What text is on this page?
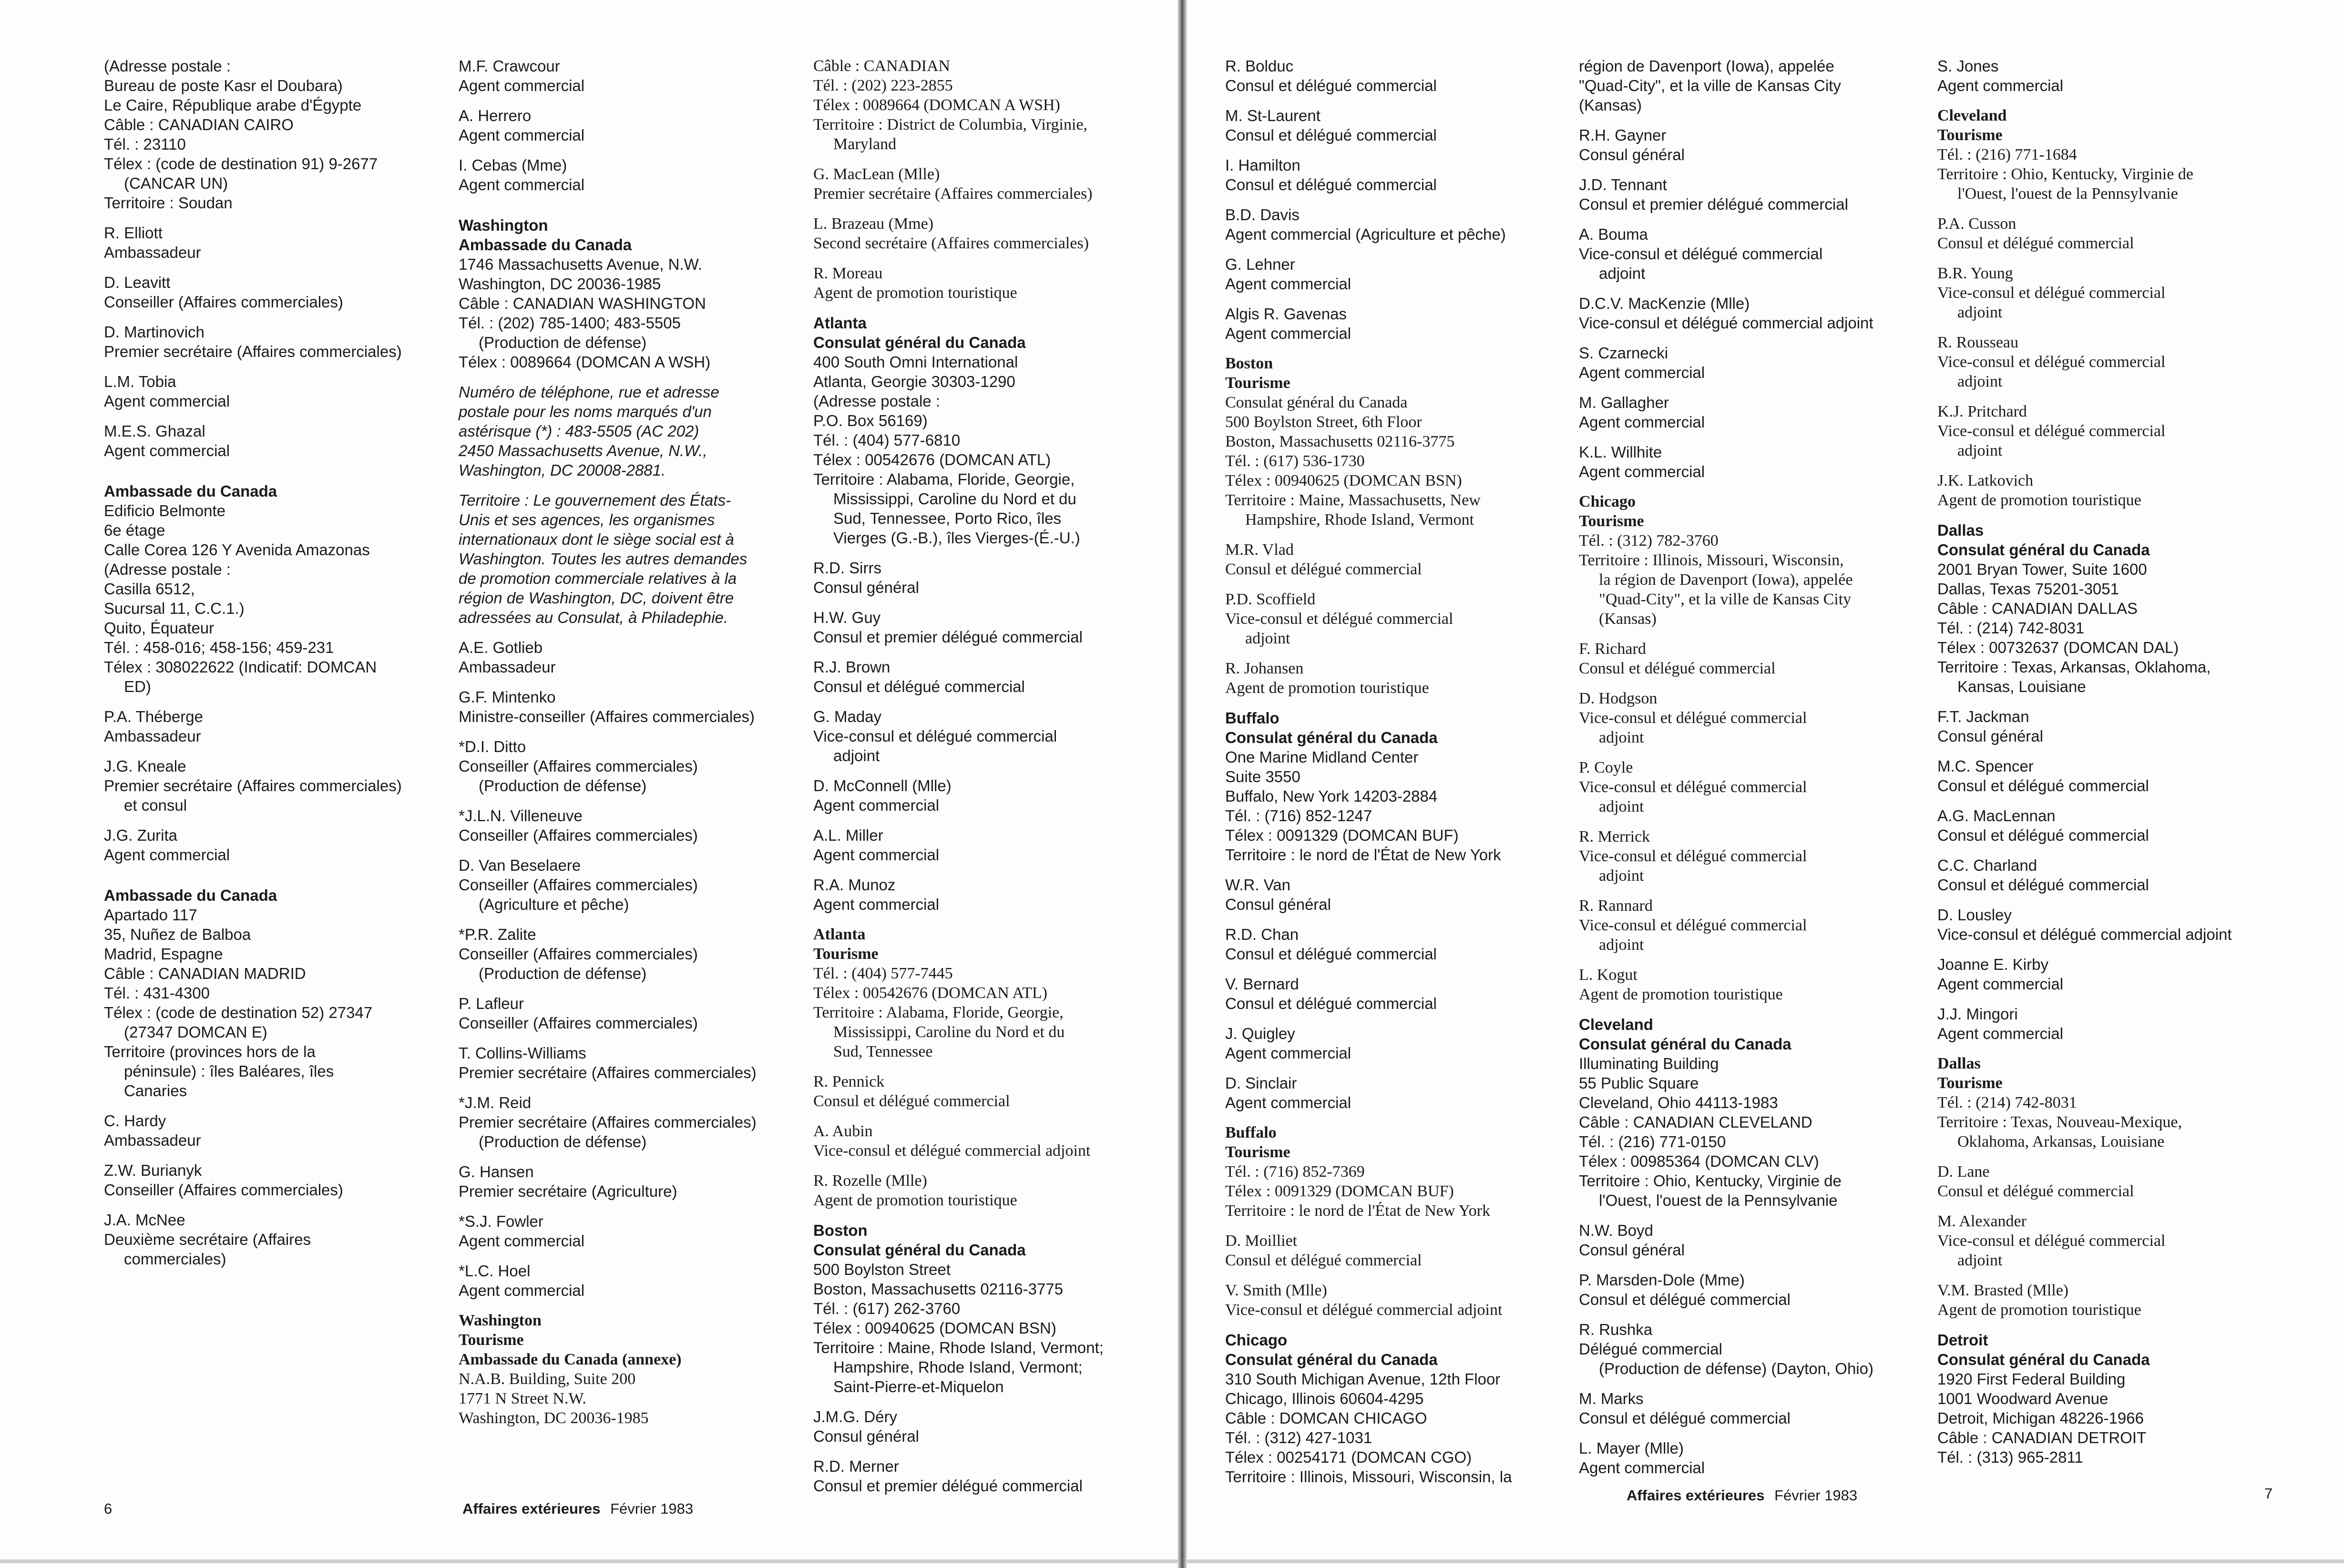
(Adresse postale :
Bureau de poste Kasr el Doubara)
Le Caire, République arabe d'Égypte
Câble : CANADIAN CAIRO
Tél. : 23110
Télex : (code de destination 91) 9-2677
(CANCAR UN)
Territoire : Soudan
R. Elliott
Ambassadeur
D. Leavitt
Conseiller (Affaires commerciales)
D. Martinovich
Premier secrétaire (Affaires commerciales)
L.M. Tobia
Agent commercial
M.E.S. Ghazal
Agent commercial
Ambassade du Canada
Edificio Belmonte
6e étage
Calle Corea 126 Y Avenida Amazonas
(Adresse postale :
Casilla 6512,
Sucursal 11, C.C.1.)
Quito, Équateur
Tél. : 458-016; 458-156; 459-231
Télex : 308022622 (Indicatif: DOMCAN
ED)
P.A. Théberge
Ambassadeur
J.G. Kneale
Premier secrétaire (Affaires commerciales)
et consul
J.G. Zurita
Agent commercial
Ambassade du Canada
Apartado 117
35, Nuñez de Balboa
Madrid, Espagne
Câble : CANADIAN MADRID
Tél. : 431-4300
Télex : (code de destination 52) 27347
(27347 DOMCAN E)
Territoire (provinces hors de la
péninsule) : îles Baléares, îles
Canaries
C. Hardy
Ambassadeur
Z.W. Burianyk
Conseiller (Affaires commerciales)
J.A. McNee
Deuxième secrétaire (Affaires
commerciales)
M.F. Crawcour
Agent commercial
A. Herrero
Agent commercial
I. Cebas (Mme)
Agent commercial
Washington
Ambassade du Canada
1746 Massachusetts Avenue, N.W.
Washington, DC 20036-1985
Câble : CANADIAN WASHINGTON
Tél. : (202) 785-1400; 483-5505
(Production de défense)
Télex : 0089664 (DOMCAN A WSH)
Numéro de téléphone, rue et adresse
postale pour les noms marqués d'un
astérisque (*) : 483-5505 (AC 202)
2450 Massachusetts Avenue, N.W.,
Washington, DC 20008-2881.
Territoire : Le gouvernement des États-
Unis et ses agences, les organismes
internationaux dont le siège social est à
Washington. Toutes les autres demandes
de promotion commerciale relatives à la
région de Washington, DC, doivent être
adressées au Consulat, à Philadephie.
A.E. Gotlieb
Ambassadeur
G.F. Mintenko
Ministre-conseiller (Affaires commerciales)
*D.I. Ditto
Conseiller (Affaires commerciales)
(Production de défense)
*J.L.N. Villeneuve
Conseiller (Affaires commerciales)
D. Van Beselaere
Conseiller (Affaires commerciales)
(Agriculture et pêche)
*P.R. Zalite
Conseiller (Affaires commerciales)
(Production de défense)
P. Lafleur
Conseiller (Affaires commerciales)
T. Collins-Williams
Premier secrétaire (Affaires commerciales)
*J.M. Reid
Premier secrétaire (Affaires commerciales)
(Production de défense)
G. Hansen
Premier secrétaire (Agriculture)
*S.J. Fowler
Agent commercial
*L.C. Hoel
Agent commercial
Washington
Tourisme
Ambassade du Canada (annexe)
N.A.B. Building, Suite 200
1771 N Street N.W.
Washington, DC 20036-1985
Câble : CANADIAN
Tél. : (202) 223-2855
Télex : 0089664 (DOMCAN A WSH)
Territoire : District de Columbia, Virginie,
Maryland
G. MacLean (Mlle)
Premier secrétaire (Affaires commerciales)
L. Brazeau (Mme)
Second secrétaire (Affaires commerciales)
R. Moreau
Agent de promotion touristique
Atlanta
Consulat général du Canada
400 South Omni International
Atlanta, Georgie 30303-1290
(Adresse postale :
P.O. Box 56169)
Tél. : (404) 577-6810
Télex : 00542676 (DOMCAN ATL)
Territoire : Alabama, Floride, Georgie,
Mississippi, Caroline du Nord et du
Sud, Tennessee, Porto Rico, îles
Vierges (G.-B.), îles Vierges-(É.-U.)
R.D. Sirrs
Consul général
H.W. Guy
Consul et premier délégué commercial
R.J. Brown
Consul et délégué commercial
G. Maday
Vice-consul et délégué commercial
adjoint
D. McConnell (Mlle)
Agent commercial
A.L. Miller
Agent commercial
R.A. Munoz
Agent commercial
Atlanta
Tourisme
Tél. : (404) 577-7445
Télex : 00542676 (DOMCAN ATL)
Territoire : Alabama, Floride, Georgie,
Mississippi, Caroline du Nord et du
Sud, Tennessee
R. Pennick
Consul et délégué commercial
A. Aubin
Vice-consul et délégué commercial adjoint
R. Rozelle (Mlle)
Agent de promotion touristique
Boston
Consulat général du Canada
500 Boylston Street
Boston, Massachusetts 02116-3775
Tél. : (617) 262-3760
Télex : 00940625 (DOMCAN BSN)
Territoire : Maine, Rhode Island, Vermont;
Hampshire, Rhode Island, Vermont;
Saint-Pierre-et-Miquelon
J.M.G. Déry
Consul général
R.D. Merner
Consul et premier délégué commercial
6	Affaires extérieures Février 1983
R. Bolduc
Consul et délégué commercial
M. St-Laurent
Consul et délégué commercial
I. Hamilton
Consul et délégué commercial
B.D. Davis
Agent commercial (Agriculture et pêche)
G. Lehner
Agent commercial
Algis R. Gavenas
Agent commercial
Boston
Tourisme
Consulat général du Canada
500 Boylston Street, 6th Floor
Boston, Massachusetts 02116-3775
Tél. : (617) 536-1730
Télex : 00940625 (DOMCAN BSN)
Territoire : Maine, Massachusetts, New
Hampshire, Rhode Island, Vermont
M.R. Vlad
Consul et délégué commercial
P.D. Scoffield
Vice-consul et délégué commercial
adjoint
R. Johansen
Agent de promotion touristique
Buffalo
Consulat général du Canada
One Marine Midland Center
Suite 3550
Buffalo, New York 14203-2884
Tél. : (716) 852-1247
Télex : 0091329 (DOMCAN BUF)
Territoire : le nord de l'État de New York
W.R. Van
Consul général
R.D. Chan
Consul et délégué commercial
V. Bernard
Consul et délégué commercial
J. Quigley
Agent commercial
D. Sinclair
Agent commercial
Buffalo
Tourisme
Tél. : (716) 852-7369
Télex : 0091329 (DOMCAN BUF)
Territoire : le nord de l'État de New York
D. Moilliet
Consul et délégué commercial
V. Smith (Mlle)
Vice-consul et délégué commercial adjoint
Chicago
Consulat général du Canada
310 South Michigan Avenue, 12th Floor
Chicago, Illinois 60604-4295
Câble : DOMCAN CHICAGO
Tél. : (312) 427-1031
Télex : 00254171 (DOMCAN CGO)
Territoire : Illinois, Missouri, Wisconsin, la
région de Davenport (Iowa), appelée
"Quad-City", et la ville de Kansas City
(Kansas)
R.H. Gayner
Consul général
J.D. Tennant
Consul et premier délégué commercial
A. Bouma
Vice-consul et délégué commercial
adjoint
D.C.V. MacKenzie (Mlle)
Vice-consul et délégué commercial adjoint
S. Czarnecki
Agent commercial
M. Gallagher
Agent commercial
K.L. Willhite
Agent commercial
Chicago
Tourisme
Tél. : (312) 782-3760
Territoire : Illinois, Missouri, Wisconsin,
la région de Davenport (Iowa), appelée
"Quad-City", et la ville de Kansas City
(Kansas)
F. Richard
Consul et délégué commercial
D. Hodgson
Vice-consul et délégué commercial
adjoint
P. Coyle
Vice-consul et délégué commercial
adjoint
R. Merrick
Vice-consul et délégué commercial
adjoint
R. Rannard
Vice-consul et délégué commercial
adjoint
L. Kogut
Agent de promotion touristique
Cleveland
Consulat général du Canada
Illuminating Building
55 Public Square
Cleveland, Ohio 44113-1983
Câble : CANADIAN CLEVELAND
Tél. : (216) 771-0150
Télex : 00985364 (DOMCAN CLV)
Territoire : Ohio, Kentucky, Virginie de
l'Ouest, l'ouest de la Pennsylvanie
N.W. Boyd
Consul général
P. Marsden-Dole (Mme)
Consul et délégué commercial
R. Rushka
Délégué commercial
(Production de défense) (Dayton, Ohio)
M. Marks
Consul et délégué commercial
L. Mayer (Mlle)
Agent commercial
S. Jones
Agent commercial
Cleveland
Tourisme
Tél. : (216) 771-1684
Territoire : Ohio, Kentucky, Virginie de
l'Ouest, l'ouest de la Pennsylvanie
P.A. Cusson
Consul et délégué commercial
B.R. Young
Vice-consul et délégué commercial
adjoint
R. Rousseau
Vice-consul et délégué commercial
adjoint
K.J. Pritchard
Vice-consul et délégué commercial
adjoint
J.K. Latkovich
Agent de promotion touristique
Dallas
Consulat général du Canada
2001 Bryan Tower, Suite 1600
Dallas, Texas 75201-3051
Câble : CANADIAN DALLAS
Tél. : (214) 742-8031
Télex : 00732637 (DOMCAN DAL)
Territoire : Texas, Arkansas, Oklahoma,
Kansas, Louisiane
F.T. Jackman
Consul général
M.C. Spencer
Consul et délégué commercial
A.G. MacLennan
Consul et délégué commercial
C.C. Charland
Consul et délégué commercial
D. Lousley
Vice-consul et délégué commercial adjoint
Joanne E. Kirby
Agent commercial
J.J. Mingori
Agent commercial
Dallas
Tourisme
Tél. : (214) 742-8031
Territoire : Texas, Nouveau-Mexique,
Oklahoma, Arkansas, Louisiane
D. Lane
Consul et délégué commercial
M. Alexander
Vice-consul et délégué commercial
adjoint
V.M. Brasted (Mlle)
Agent de promotion touristique
Detroit
Consulat général du Canada
1920 First Federal Building
1001 Woodward Avenue
Detroit, Michigan 48226-1966
Câble : CANADIAN DETROIT
Tél. : (313) 965-2811
Affaires extérieures Février 1983	7
